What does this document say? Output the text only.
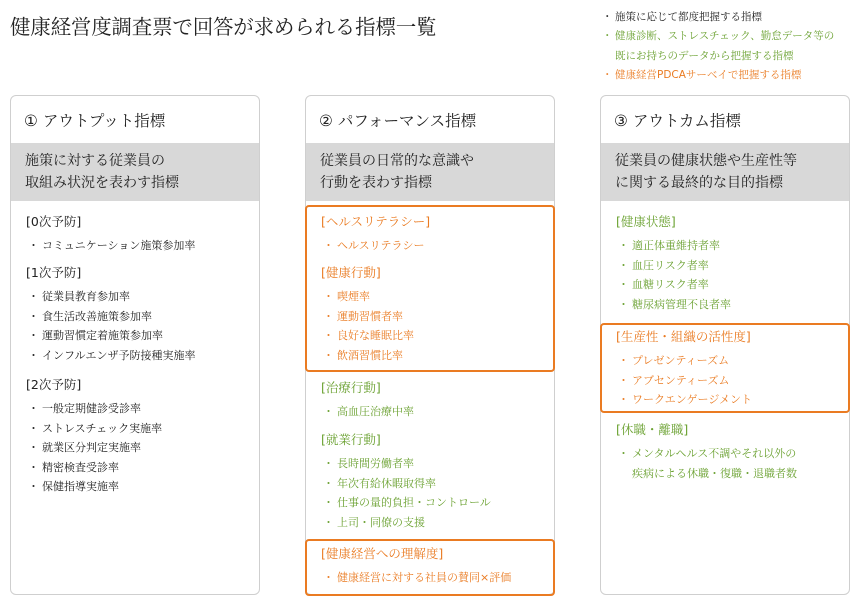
健康経営度調査票で回答が求められる指標一覧	・ 施策に応じて都度把握する指標
・ 健康診断、ストレスチェック、勤怠データ等の
既にお持ちのデータから把握する指標
・ 健康経営PDCAサーベイで把握する指標
① アウトプット指標
施策に対する従業員の
取組み状況を表わす指標
[0次予防]
・ コミュニケーション施策参加率
[1次予防]
・ 従業員教育参加率
・ 食生活改善施策参加率
・ 運動習慣定着施策参加率
・ インフルエンザ予防接種実施率
[2次予防]
・ 一般定期健診受診率
・ ストレスチェック実施率
・ 就業区分判定実施率
・ 精密検査受診率
・ 保健指導実施率
② パフォーマンス指標
従業員の日常的な意識や
行動を表わす指標
[ヘルスリテラシー]
・ ヘルスリテラシー
[健康行動]
・ 喫煙率
・ 運動習慣者率
・ 良好な睡眠比率
・ 飲酒習慣比率
[治療行動]
・ 高血圧治療中率
[就業行動]
・ 長時間労働者率
・ 年次有給休暇取得率
・ 仕事の量的負担・コントロール
・ 上司・同僚の支援
[健康経営への理解度]
・ 健康経営に対する社員の賛同×評価
③ アウトカム指標
従業員の健康状態や生産性等
に関する最終的な目的指標
[健康状態]
・ 適正体重維持者率
・ 血圧リスク者率
・ 血糖リスク者率
・ 糖尿病管理不良者率
[生産性・組織の活性度]
・ プレゼンティーズム
・ アブセンティーズム
・ ワークエンゲージメント
[休職・離職]
・ メンタルヘルス不調やそれ以外の
疾病による休職・復職・退職者数
